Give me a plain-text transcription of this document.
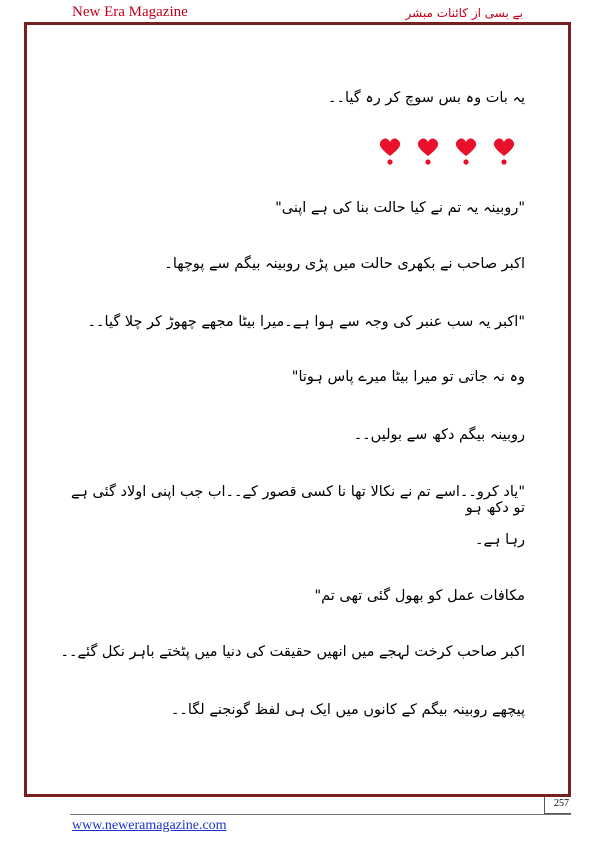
New Era Magazine	بے بسی از کائنات مبشر
یہ بات وہ بس سوچ کر رہ گیا۔۔
"روبینہ یہ تم نے کیا حالت بنا کی ہے اپنی"
اکبر صاحب نے بکھری حالت میں پڑی روبینہ بیگم سے پوچھا۔
"اکبر یہ سب عنبر کی وجہ سے ہوا ہے۔میرا بیٹا مجھے چھوڑ کر چلا گیا۔۔
وہ نہ جاتی تو میرا بیٹا میرے پاس ہوتا"
روبینہ بیگم دکھ سے بولیں۔۔
"یاد کرو۔۔اسے تم نے نکالا تھا نا کسی قصور کے۔۔اب جب اپنی اولاد گئی ہے تو دکھ ہو
رہا ہے۔
مکافات عمل کو بھول گئی تھی تم"
اکبر صاحب کرخت لہجے میں انھیں حقیقت کی دنیا میں پٹختے باہر نکل گئے۔۔
پیچھے روبینہ بیگم کے کانوں میں ایک ہی لفظ گونجنے لگا۔۔
257
www.neweramagazine.com
